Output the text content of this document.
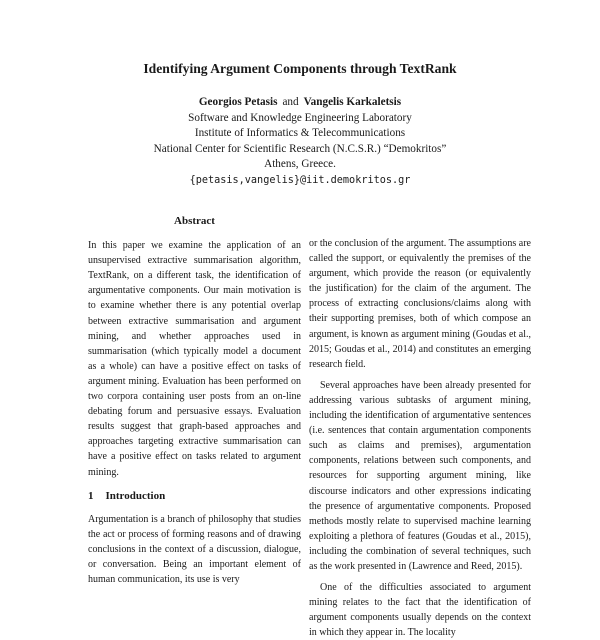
Identifying Argument Components through TextRank
Georgios Petasis and Vangelis Karkaletsis
Software and Knowledge Engineering Laboratory
Institute of Informatics & Telecommunications
National Center for Scientific Research (N.C.S.R.) “Demokritos”
Athens, Greece.
{petasis,vangelis}@iit.demokritos.gr
Abstract

In this paper we examine the application of an unsupervised extractive summarisation algorithm, TextRank, on a different task, the identification of argumentative components. Our main motivation is to examine whether there is any potential overlap between extractive summarisation and argument mining, and whether approaches used in summarisation (which typically model a document as a whole) can have a positive effect on tasks of argument mining. Evaluation has been performed on two corpora containing user posts from an on-line debating forum and persuasive essays. Evaluation results suggest that graph-based approaches and approaches targeting extractive summarisation can have a positive effect on tasks related to argument mining.

1 Introduction

Argumentation is a branch of philosophy that studies the act or process of forming reasons and of drawing conclusions in the context of a discussion, dialogue, or conversation. Being an important element of human communication, its use is very

or the conclusion of the argument. The assumptions are called the support, or equivalently the premises of the argument, which provide the reason (or equivalently the justification) for the claim of the argument. The process of extracting conclusions/claims along with their supporting premises, both of which compose an argument, is known as argument mining (Goudas et al., 2015; Goudas et al., 2014) and constitutes an emerging research field.

Several approaches have been already presented for addressing various subtasks of argument mining, including the identification of argumentative sentences (i.e. sentences that contain argumentation components such as claims and premises), argumentation components, relations between such components, and resources for supporting argument mining, like discourse indicators and other expressions indicating the presence of argumentative components. Proposed methods mostly relate to supervised machine learning exploiting a plethora of features (Goudas et al., 2015), including the combination of several techniques, such as the work presented in (Lawrence and Reed, 2015).

One of the difficulties associated to argument mining relates to the fact that the identification of argument components usually depends on the context in which they appear in. The locality
